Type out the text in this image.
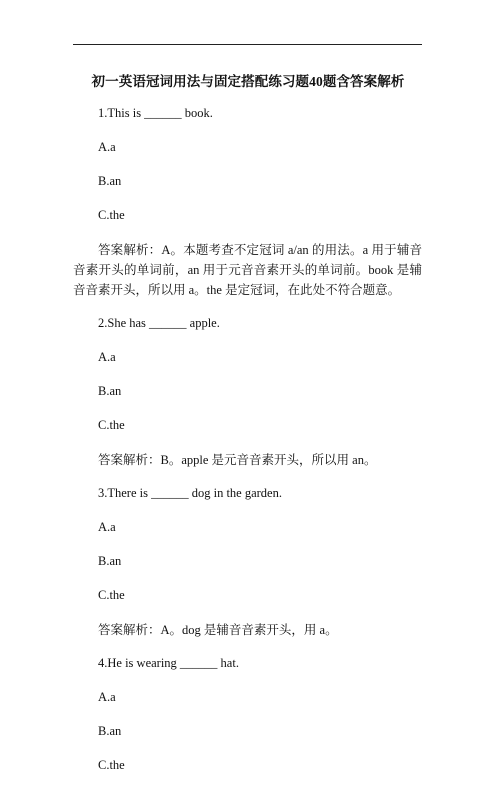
初一英语冠词用法与固定搭配练习题40题含答案解析
1.This is ______ book.
A.a
B.an
C.the
答案解析：A。本题考查不定冠词 a/an 的用法。a 用于辅音音素开头的单词前，an 用于元音音素开头的单词前。book 是辅音音素开头，所以用 a。the 是定冠词，在此处不符合题意。
2.She has ______ apple.
A.a
B.an
C.the
答案解析：B。apple 是元音音素开头，所以用 an。
3.There is ______ dog in the garden.
A.a
B.an
C.the
答案解析：A。dog 是辅音音素开头，用 a。
4.He is wearing ______ hat.
A.a
B.an
C.the
